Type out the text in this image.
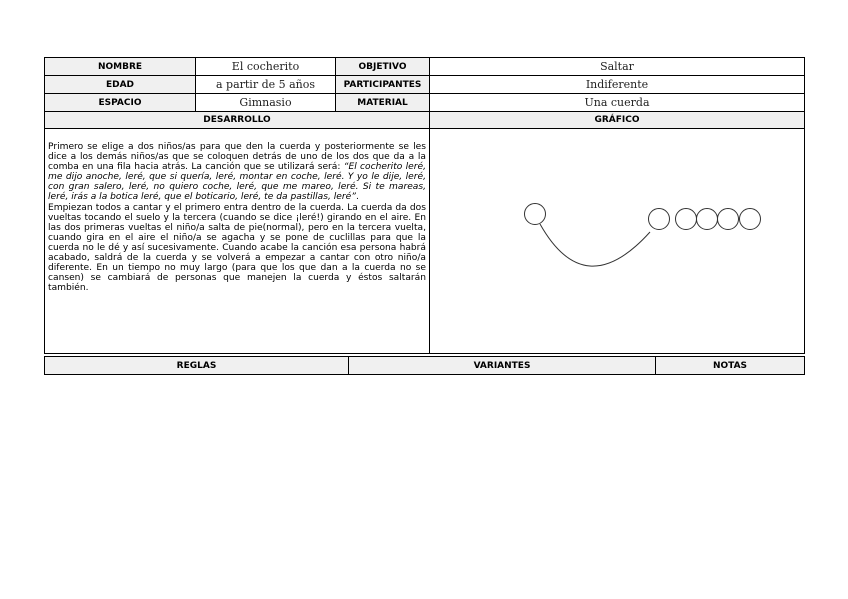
NOMBRE	El cocherito	OBJETIVO	Saltar
EDAD	a partir de 5 años	PARTICIPANTES	Indiferente
ESPACIO	Gimnasio	MATERIAL	Una cuerda
DESARROLLO			GRÁFICO

Primero se elige a dos niños/as para que den la cuerda y posteriormente se les dice a los demás niños/as que se coloquen detrás de uno de los dos que da a la comba en una fila hacia atrás. La canción que se utilizará será: “El cocherito leré, me dijo anoche, leré, que si quería, leré, montar en coche, leré. Y yo le dije, leré, con gran salero, leré, no quiero coche, leré, que me mareo, leré. Si te mareas, leré, irás a la botica leré, que el boticario, leré, te da pastillas, leré”.

Empiezan todos a cantar y el primero entra dentro de la cuerda. La cuerda da dos vueltas tocando el suelo y la tercera (cuando se dice ¡leré!) girando en el aire. En las dos primeras vueltas el niño/a salta de pie(normal), pero en la tercera vuelta, cuando gira en el aire el niño/a se agacha y se pone de cuclillas para que la cuerda no le dé y así sucesivamente. Cuando acabe la canción esa persona habrá acabado, saldrá de la cuerda y se volverá a empezar a cantar con otro niño/a diferente. En un tiempo no muy largo (para que los que dan a la cuerda no se cansen) se cambiará de personas que manejen la cuerda y éstos saltarán también.

REGLAS	VARIANTES	NOTAS
